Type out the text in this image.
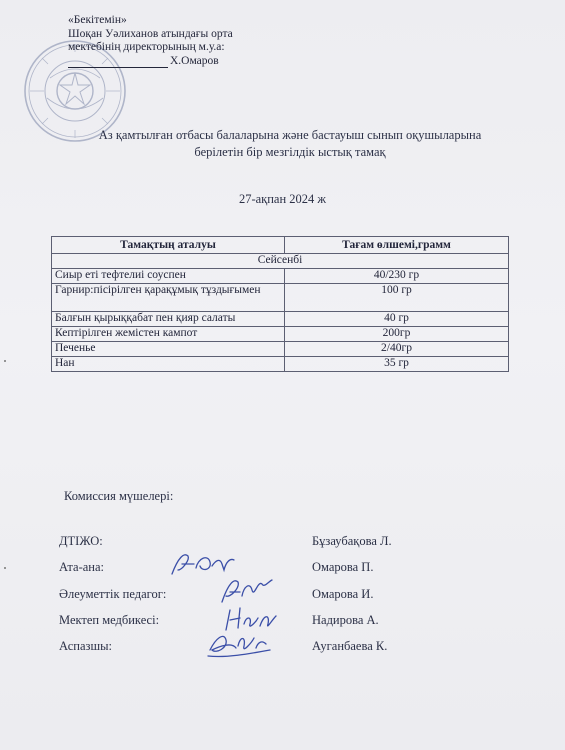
«Бекітемін»
Шоқан Уәлиханов атындағы орта
мектебінің директорының м.у.а:
Х.Омаров
Аз қамтылған отбасы балаларына және бастауыш сынып оқушыларына
берілетін бір мезгілдік ыстық тамақ
27-ақпан 2024 ж
Тамақтың аталуы	Тағам өлшемі,грамм
Сейсенбі	
Сиыр еті тефтелиі соуспен	40/230 гр
Гарнир:пісірілген қарақұмық тұздығымен	100 гр
Балғын қырыққабат пен қияр салаты	40 гр
Кептірілген жемістен кампот	200гр
Печенье	2/40гр
Нан	35 гр
Комиссия мүшелері:
ДТІЖО:	Бұзаубақова Л.
Ата-ана:	Омарова П.
Әлеуметтік педагог:	Омарова И.
Мектеп медбикесі:	Надирова А.
Аспазшы:	Ауганбаева К.
